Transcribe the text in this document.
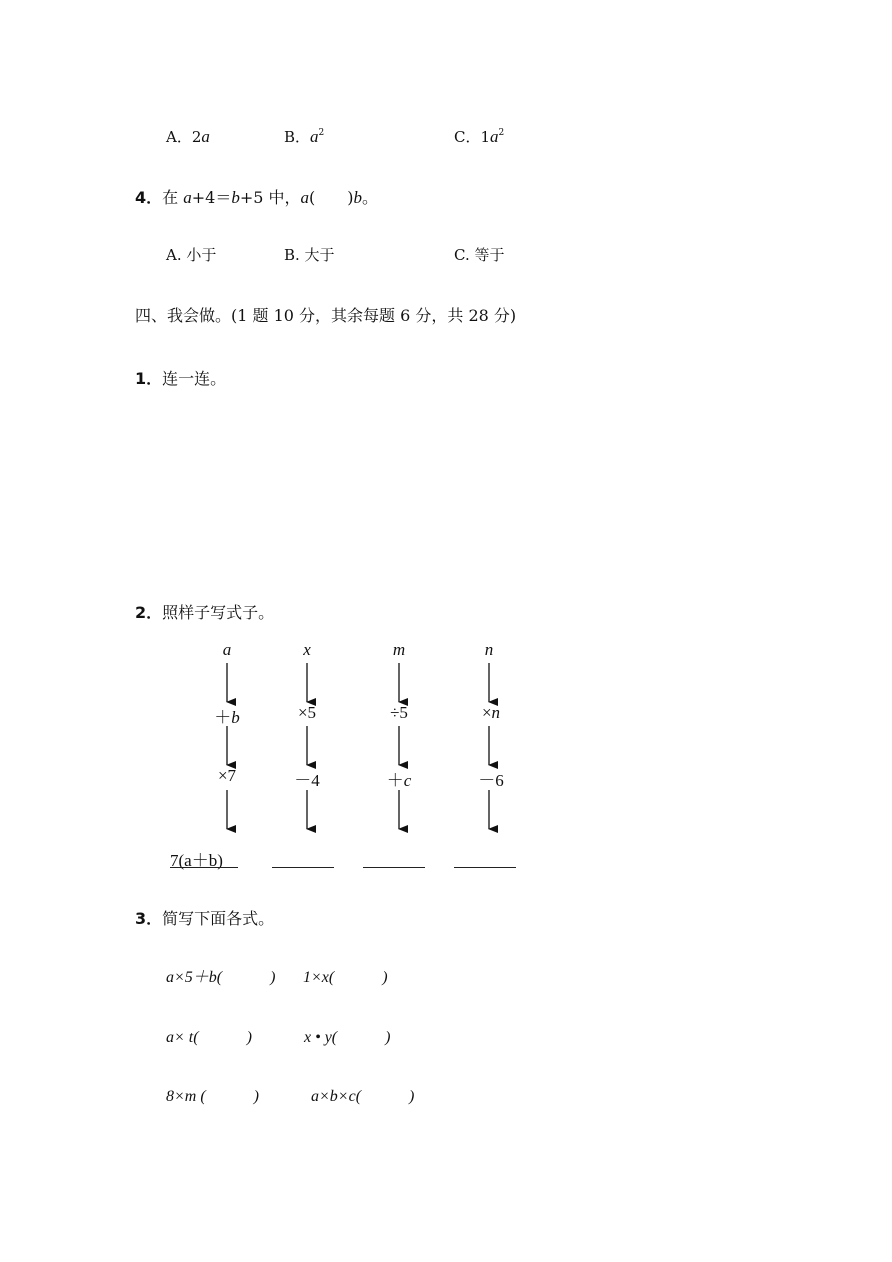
A．2a	B．$a^2$	C．$1a^2$
4．在 a+4＝b+5 中，a(　　)b。
A. 小于	B. 大于	C. 等于
四、我会做。(1 题 10 分，其余每题 6 分，共 28 分)
1．连一连。
2．照样子写式子。
a
＋b
×7
7(a＋b)
x
×5
－4
m
÷5
＋c
n
×n
－6
3．简写下面各式。
a×5＋b(　　　) 1×x(　　　)
a× t(　　　)	x • y(　　　)
8×m (　　　)	a×b×c(　　　)
